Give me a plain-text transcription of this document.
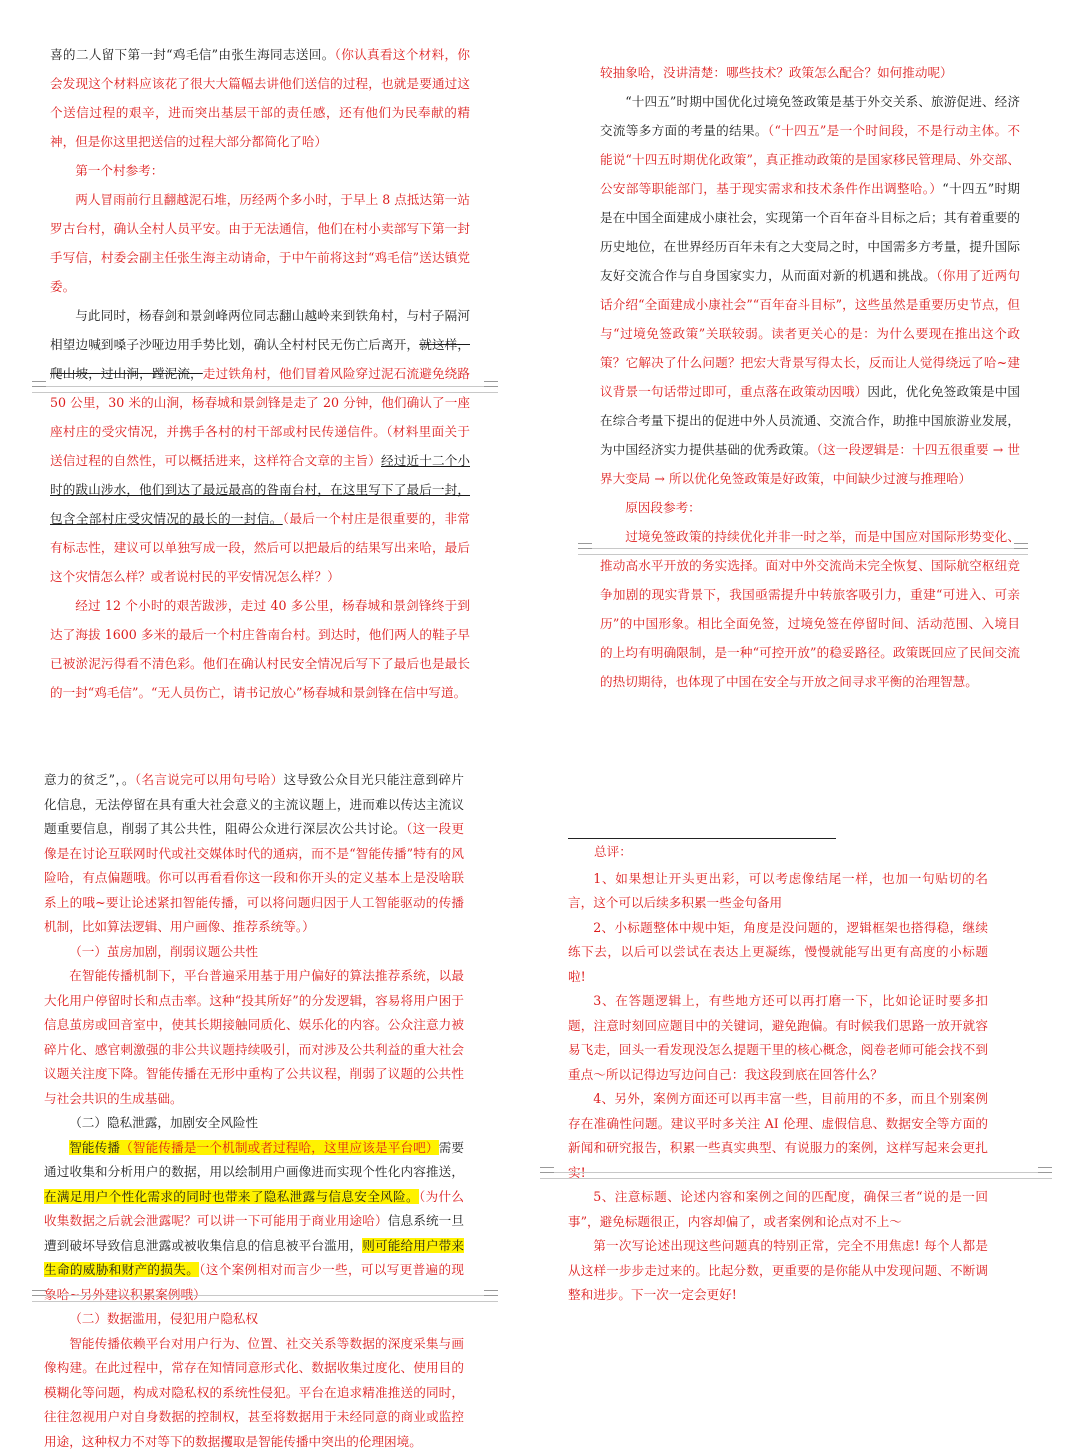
喜的二人留下第一封“鸡毛信”由张生海同志送回。（你认真看这个材料，你会发现这个材料应该花了很大大篇幅去讲他们送信的过程，也就是要通过这个送信过程的艰辛，进而突出基层干部的责任感，还有他们为民奉献的精神，但是你这里把送信的过程大部分都简化了哈）

第一个村参考：

两人冒雨前行且翻越泥石堆，历经两个多小时，于早上 8 点抵达第一站罗古台村，确认全村人员平安。由于无法通信，他们在村小卖部写下第一封手写信，村委会副主任张生海主动请命，于中午前将这封“鸡毛信”送达镇党委。

与此同时，杨春剑和景剑峰两位同志翻山越岭来到铁角村，与村子隔河相望边喊到嗓子沙哑边用手势比划，确认全村村民无伤亡后离开，就这样，爬山坡，过山涧，蹚泥流，走过铁角村，他们冒着风险穿过泥石流避免绕路 50 公里，30 米的山涧，杨春城和景剑锋是走了 20 分钟，他们确认了一座座村庄的受灾情况，并携手各村的村干部或村民传递信件。（材料里面关于送信过程的自然性，可以概括进来，这样符合文章的主旨）经过近十二个小时的跋山涉水，他们到达了最远最高的昝南台村，在这里写下了最后一封，包含全部村庄受灾情况的最长的一封信。（最后一个村庄是很重要的，非常有标志性，建议可以单独写成一段，然后可以把最后的结果写出来哈，最后这个灾情怎么样？或者说村民的平安情况怎么样？）

经过 12 个小时的艰苦跋涉，走过 40 多公里，杨春城和景剑锋终于到达了海拔 1600 多米的最后一个村庄昝南台村。到达时，他们两人的鞋子早已被淤泥污得看不清色彩。他们在确认村民安全情况后写下了最后也是最长的一封“鸡毛信”。“无人员伤亡，请书记放心”杨春城和景剑锋在信中写道。

较抽象哈，没讲清楚：哪些技术？政策怎么配合？如何推动呢）

“十四五”时期中国优化过境免签政策是基于外交关系、旅游促进、经济交流等多方面的考量的结果。（“十四五”是一个时间段，不是行动主体。不能说“十四五时期优化政策”，真正推动政策的是国家移民管理局、外交部、公安部等职能部门，基于现实需求和技术条件作出调整哈。）“十四五”时期是在中国全面建成小康社会，实现第一个百年奋斗目标之后；其有着重要的历史地位，在世界经历百年未有之大变局之时，中国需多方考量，提升国际友好交流合作与自身国家实力，从而面对新的机遇和挑战。（你用了近两句话介绍“全面建成小康社会”“百年奋斗目标”，这些虽然是重要历史节点，但与“过境免签政策”关联较弱。读者更关心的是：为什么要现在推出这个政策？它解决了什么问题？把宏大背景写得太长，反而让人觉得绕远了哈~建议背景一句话带过即可，重点落在政策动因哦）因此，优化免签政策是中国在综合考量下提出的促进中外人员流通、交流合作，助推中国旅游业发展，为中国经济实力提供基础的优秀政策。（这一段逻辑是：十四五很重要 → 世界大变局 → 所以优化免签政策是好政策，中间缺少过渡与推理哈）

原因段参考：

过境免签政策的持续优化并非一时之举，而是中国应对国际形势变化、推动高水平开放的务实选择。面对中外交流尚未完全恢复、国际航空枢纽竞争加剧的现实背景下，我国亟需提升中转旅客吸引力，重建“可进入、可亲历”的中国形象。相比全面免签，过境免签在停留时间、活动范围、入境目的上均有明确限制，是一种“可控开放”的稳妥路径。政策既回应了民间交流的热切期待，也体现了中国在安全与开放之间寻求平衡的治理智慧。

意力的贫乏”，。（名言说完可以用句号哈）这导致公众目光只能注意到碎片化信息，无法停留在具有重大社会意义的主流议题上，进而难以传达主流议题重要信息，削弱了其公共性，阻碍公众进行深层次公共讨论。（这一段更像是在讨论互联网时代或社交媒体时代的通病，而不是“智能传播”特有的风险哈，有点偏题哦。你可以再看看你这一段和你开头的定义基本上是没啥联系上的哦~要让论述紧扣智能传播，可以将问题归因于人工智能驱动的传播机制，比如算法逻辑、用户画像、推荐系统等。）

（一）茧房加剧，削弱议题公共性

在智能传播机制下，平台普遍采用基于用户偏好的算法推荐系统，以最大化用户停留时长和点击率。这种“投其所好”的分发逻辑，容易将用户困于信息茧房或回音室中，使其长期接触同质化、娱乐化的内容。公众注意力被碎片化、感官刺激强的非公共议题持续吸引，而对涉及公共利益的重大社会议题关注度下降。智能传播在无形中重构了公共议程，削弱了议题的公共性与社会共识的生成基础。

（二）隐私泄露，加剧安全风险性

智能传播（智能传播是一个机制或者过程哈，这里应该是平台吧）需要通过收集和分析用户的数据，用以绘制用户画像进而实现个性化内容推送，在满足用户个性化需求的同时也带来了隐私泄露与信息安全风险。（为什么收集数据之后就会泄露呢？可以讲一下可能用于商业用途哈）信息系统一旦遭到破坏导致信息泄露或被收集信息的信息被平台滥用，则可能给用户带来生命的威胁和财产的损失。（这个案例相对而言少一些，可以写更普遍的现象哈~另外建议积累案例哦）

（二）数据滥用，侵犯用户隐私权

智能传播依赖平台对用户行为、位置、社交关系等数据的深度采集与画像构建。在此过程中，常存在知情同意形式化、数据收集过度化、使用目的模糊化等问题，构成对隐私权的系统性侵犯。平台在追求精准推送的同时，往往忽视用户对自身数据的控制权，甚至将数据用于未经同意的商业或监控用途，这种权力不对等下的数据攫取是智能传播中突出的伦理困境。

总评：

1、如果想让开头更出彩，可以考虑像结尾一样，也加一句贴切的名言，这个可以后续多积累一些金句备用

2、小标题整体中规中矩，角度是没问题的，逻辑框架也搭得稳，继续练下去，以后可以尝试在表达上更凝练，慢慢就能写出更有高度的小标题啦!

3、在答题逻辑上，有些地方还可以再打磨一下，比如论证时要多扣题，注意时刻回应题目中的关键词，避免跑偏。有时候我们思路一放开就容易飞走，回头一看发现没怎么提题干里的核心概念，阅卷老师可能会找不到重点～所以记得边写边问自己：我这段到底在回答什么？

4、另外，案例方面还可以再丰富一些，目前用的不多，而且个别案例存在准确性问题。建议平时多关注 AI 伦理、虚假信息、数据安全等方面的新闻和研究报告，积累一些真实典型、有说服力的案例，这样写起来会更扎实!

5、注意标题、论述内容和案例之间的匹配度，确保三者“说的是一回事”，避免标题很正，内容却偏了，或者案例和论点对不上～

第一次写论述出现这些问题真的特别正常，完全不用焦虑! 每个人都是从这样一步步走过来的。比起分数，更重要的是你能从中发现问题、不断调整和进步。下一次一定会更好!
